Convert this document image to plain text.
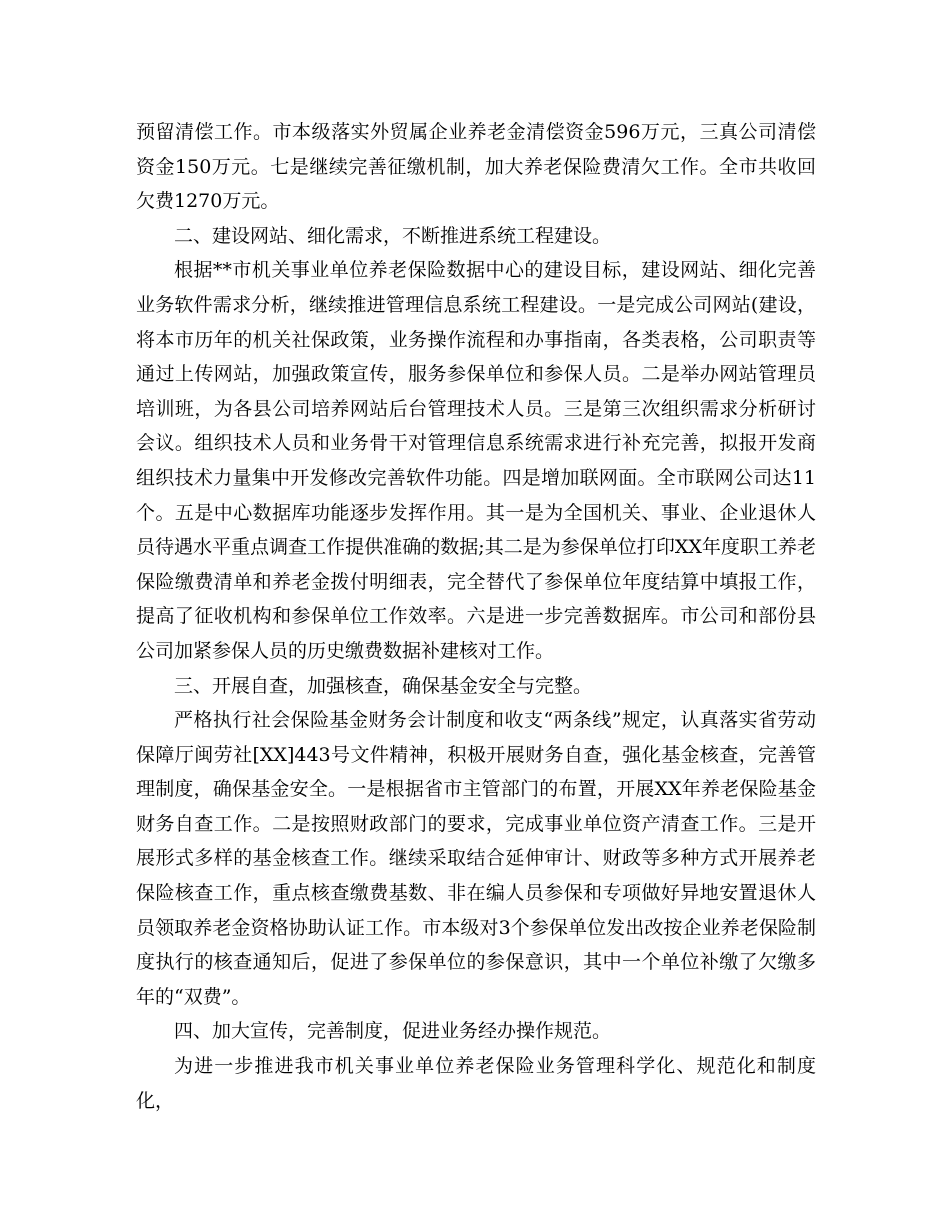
预留清偿工作。市本级落实外贸属企业养老金清偿资金596万元，三真公司清偿资金150万元。七是继续完善征缴机制，加大养老保险费清欠工作。全市共收回欠费1270万元。

二、建设网站、细化需求，不断推进系统工程建设。

根据**市机关事业单位养老保险数据中心的建设目标，建设网站、细化完善业务软件需求分析，继续推进管理信息系统工程建设。一是完成公司网站(建设，将本市历年的机关社保政策，业务操作流程和办事指南，各类表格，公司职责等通过上传网站，加强政策宣传，服务参保单位和参保人员。二是举办网站管理员培训班，为各县公司培养网站后台管理技术人员。三是第三次组织需求分析研讨会议。组织技术人员和业务骨干对管理信息系统需求进行补充完善，拟报开发商组织技术力量集中开发修改完善软件功能。四是增加联网面。全市联网公司达11个。五是中心数据库功能逐步发挥作用。其一是为全国机关、事业、企业退休人员待遇水平重点调查工作提供准确的数据;其二是为参保单位打印XX年度职工养老保险缴费清单和养老金拨付明细表，完全替代了参保单位年度结算中填报工作，提高了征收机构和参保单位工作效率。六是进一步完善数据库。市公司和部份县公司加紧参保人员的历史缴费数据补建核对工作。

三、开展自查，加强核查，确保基金安全与完整。

严格执行社会保险基金财务会计制度和收支“两条线”规定，认真落实省劳动保障厅闽劳社[XX]443号文件精神，积极开展财务自查，强化基金核查，完善管理制度，确保基金安全。一是根据省市主管部门的布置，开展XX年养老保险基金财务自查工作。二是按照财政部门的要求，完成事业单位资产清查工作。三是开展形式多样的基金核查工作。继续采取结合延伸审计、财政等多种方式开展养老保险核查工作，重点核查缴费基数、非在编人员参保和专项做好异地安置退休人员领取养老金资格协助认证工作。市本级对3个参保单位发出改按企业养老保险制度执行的核查通知后，促进了参保单位的参保意识，其中一个单位补缴了欠缴多年的“双费”。

四、加大宣传，完善制度，促进业务经办操作规范。

为进一步推进我市机关事业单位养老保险业务管理科学化、规范化和制度化，
